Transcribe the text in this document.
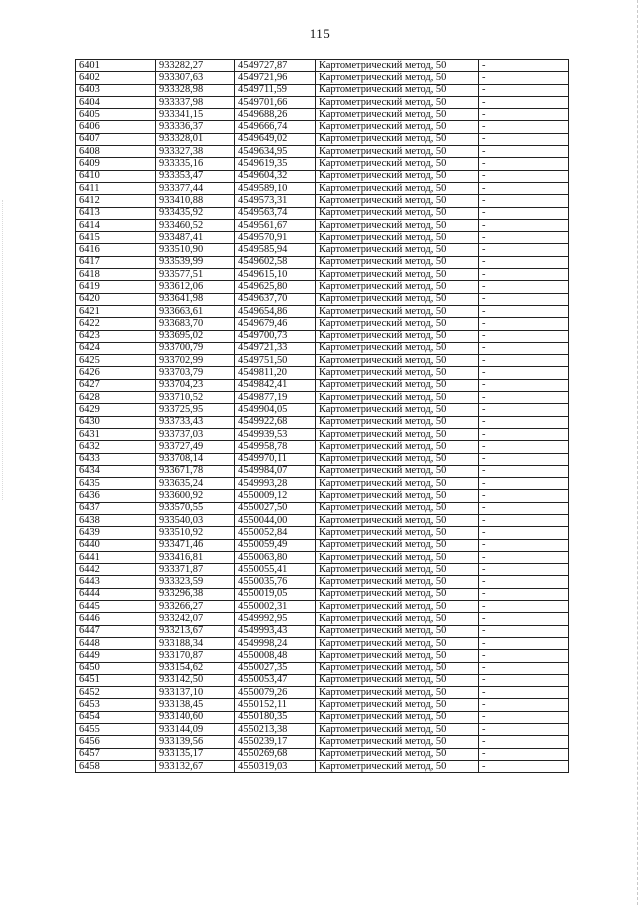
115
6401	933282,27	4549727,87	Картометрический метод, 50	-
6402	933307,63	4549721,96	Картометрический метод, 50	-
6403	933328,98	4549711,59	Картометрический метод, 50	-
6404	933337,98	4549701,66	Картометрический метод, 50	-
6405	933341,15	4549688,26	Картометрический метод, 50	-
6406	933336,37	4549666,74	Картометрический метод, 50	-
6407	933328,01	4549649,02	Картометрический метод, 50	-
6408	933327,38	4549634,95	Картометрический метод, 50	-
6409	933335,16	4549619,35	Картометрический метод, 50	-
6410	933353,47	4549604,32	Картометрический метод, 50	-
6411	933377,44	4549589,10	Картометрический метод, 50	-
6412	933410,88	4549573,31	Картометрический метод, 50	-
6413	933435,92	4549563,74	Картометрический метод, 50	-
6414	933460,52	4549561,67	Картометрический метод, 50	-
6415	933487,41	4549570,91	Картометрический метод, 50	-
6416	933510,90	4549585,94	Картометрический метод, 50	-
6417	933539,99	4549602,58	Картометрический метод, 50	-
6418	933577,51	4549615,10	Картометрический метод, 50	-
6419	933612,06	4549625,80	Картометрический метод, 50	-
6420	933641,98	4549637,70	Картометрический метод, 50	-
6421	933663,61	4549654,86	Картометрический метод, 50	-
6422	933683,70	4549679,46	Картометрический метод, 50	-
6423	933695,02	4549700,73	Картометрический метод, 50	-
6424	933700,79	4549721,33	Картометрический метод, 50	-
6425	933702,99	4549751,50	Картометрический метод, 50	-
6426	933703,79	4549811,20	Картометрический метод, 50	-
6427	933704,23	4549842,41	Картометрический метод, 50	-
6428	933710,52	4549877,19	Картометрический метод, 50	-
6429	933725,95	4549904,05	Картометрический метод, 50	-
6430	933733,43	4549922,68	Картометрический метод, 50	-
6431	933737,03	4549939,53	Картометрический метод, 50	-
6432	933727,49	4549958,78	Картометрический метод, 50	-
6433	933708,14	4549970,11	Картометрический метод, 50	-
6434	933671,78	4549984,07	Картометрический метод, 50	-
6435	933635,24	4549993,28	Картометрический метод, 50	-
6436	933600,92	4550009,12	Картометрический метод, 50	-
6437	933570,55	4550027,50	Картометрический метод, 50	-
6438	933540,03	4550044,00	Картометрический метод, 50	-
6439	933510,92	4550052,84	Картометрический метод, 50	-
6440	933471,46	4550059,49	Картометрический метод, 50	-
6441	933416,81	4550063,80	Картометрический метод, 50	-
6442	933371,87	4550055,41	Картометрический метод, 50	-
6443	933323,59	4550035,76	Картометрический метод, 50	-
6444	933296,38	4550019,05	Картометрический метод, 50	-
6445	933266,27	4550002,31	Картометрический метод, 50	-
6446	933242,07	4549992,95	Картометрический метод, 50	-
6447	933213,67	4549993,43	Картометрический метод, 50	-
6448	933188,34	4549998,24	Картометрический метод, 50	-
6449	933170,87	4550008,48	Картометрический метод, 50	-
6450	933154,62	4550027,35	Картометрический метод, 50	-
6451	933142,50	4550053,47	Картометрический метод, 50	-
6452	933137,10	4550079,26	Картометрический метод, 50	-
6453	933138,45	4550152,11	Картометрический метод, 50	-
6454	933140,60	4550180,35	Картометрический метод, 50	-
6455	933144,09	4550213,38	Картометрический метод, 50	-
6456	933139,56	4550239,17	Картометрический метод, 50	-
6457	933135,17	4550269,68	Картометрический метод, 50	-
6458	933132,67	4550319,03	Картометрический метод, 50	-
